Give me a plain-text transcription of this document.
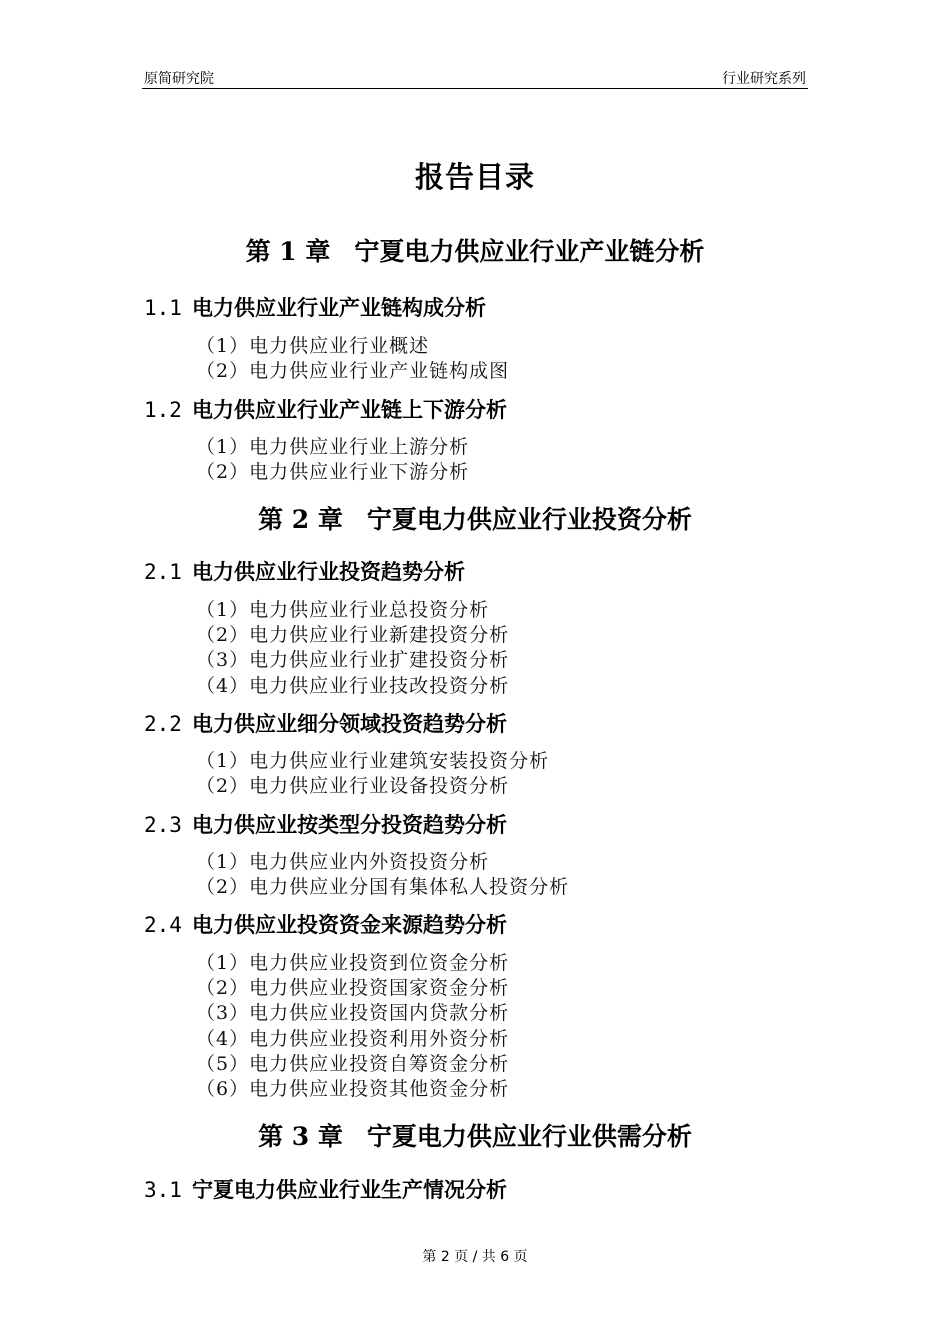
原简研究院	行业研究系列
报告目录
第 1 章 宁夏电力供应业行业产业链分析
1.1 电力供应业行业产业链构成分析
（1）电力供应业行业概述
（2）电力供应业行业产业链构成图
1.2 电力供应业行业产业链上下游分析
（1）电力供应业行业上游分析
（2）电力供应业行业下游分析
第 2 章 宁夏电力供应业行业投资分析
2.1 电力供应业行业投资趋势分析
（1）电力供应业行业总投资分析
（2）电力供应业行业新建投资分析
（3）电力供应业行业扩建投资分析
（4）电力供应业行业技改投资分析
2.2 电力供应业细分领域投资趋势分析
（1）电力供应业行业建筑安装投资分析
（2）电力供应业行业设备投资分析
2.3 电力供应业按类型分投资趋势分析
（1）电力供应业内外资投资分析
（2）电力供应业分国有集体私人投资分析
2.4 电力供应业投资资金来源趋势分析
（1）电力供应业投资到位资金分析
（2）电力供应业投资国家资金分析
（3）电力供应业投资国内贷款分析
（4）电力供应业投资利用外资分析
（5）电力供应业投资自筹资金分析
（6）电力供应业投资其他资金分析
第 3 章 宁夏电力供应业行业供需分析
3.1 宁夏电力供应业行业生产情况分析
第 2 页 / 共 6 页
